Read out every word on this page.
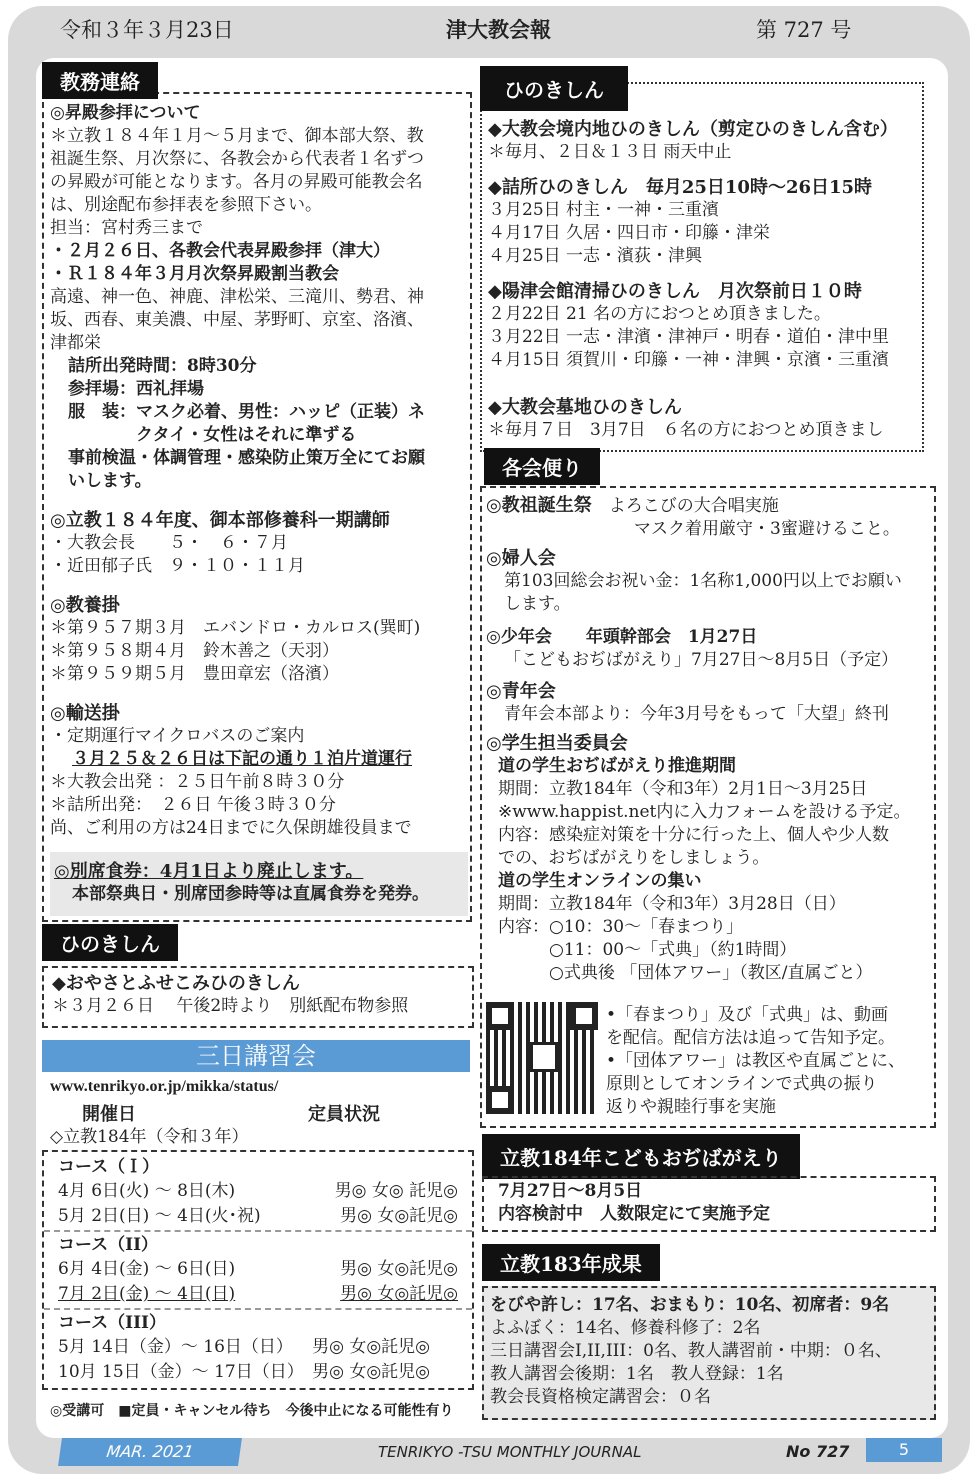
令和３年３月23日	津大教会報	第 727 号
教務連絡

◎昇殿参拝について

＊立教１８４年１月～５月まで、御本部大祭、教

祖誕生祭、月次祭に、各教会から代表者１名ずつ

の昇殿が可能となります。各月の昇殿可能教会名

は、別途配布参拝表を参照下さい。

担当：宮村秀三まで

・２月２６日、各教会代表昇殿参拝（津大）

・Ｒ１８４年３月月次祭昇殿割当教会

高遠、神一色、神鹿、津松栄、三滝川、勢君、神

坂、西春、東美濃、中屋、茅野町、京室、洛濱、

津都栄

詰所出発時間：8時30分

参拝場：西礼拝場

服　装：マスク必着、男性：ハッピ（正装）ネ

　　　　クタイ・女性はそれに準ずる

事前検温・体調管理・感染防止策万全にてお願

いします。

◎立教１８４年度、御本部修養科一期講師

・大教会長　　５・　６・７月

・近田郁子氏　９・１０・１１月

◎教養掛

＊第９５７期３月　エバンドロ・カルロス(巽町)

＊第９５８期４月　鈴木善之（天羽）

＊第９５９期５月　豊田章宏（洛濱）

◎輸送掛

・定期運行マイクロバスのご案内

３月２５＆２６日は下記の通り１泊片道運行

＊大教会出発 ：２５日午前８時３０分

＊詰所出発：　２６日 午後３時３０分

尚、ご利用の方は24日までに久保朗雄役員まで

◎別席食券：4月1日より廃止します。

本部祭典日・別席団参時等は直属食券を発券。

ひのきしん

◆おやさとふせこみひのきしん

＊３月２６日　 午後2時より　別紙配布物参照

三日講習会

www.tenrikyo.or.jp/mikka/status/

開催日	定員状況

◇立教184年（令和３年）

コース（Ｉ）

4月 6日(火) ～ 8日(木)	男◎ 女◎ 託児◎
5月 2日(日) ～ 4日(火･祝)	男◎ 女◎託児◎

コース（II）

6月 4日(金) ～ 6日(日)	男◎ 女◎託児◎
7月 2日(金) ～ 4日(日)	男◎ 女◎託児◎

コース（III）

5月 14日（金）～ 16日（日） 男◎ 女◎託児◎
10月 15日（金）～ 17日（日） 男◎ 女◎託児◎
◎受講可　■定員・キャンセル待ち　今後中止になる可能性有り
ひのきしん

◆大教会境内地ひのきしん（剪定ひのきしん含む）

＊毎月、２日＆１３日 雨天中止

◆詰所ひのきしん　毎月25日10時～26日15時

３月25日 村主・一神・三重濱

４月17日 久居・四日市・印籐・津栄

４月25日 一志・濱荻・津興

◆陽津会館清掃ひのきしん　月次祭前日１０時

２月22日 21 名の方におつとめ頂きました。

３月22日 一志・津濱・津神戸・明春・道伯・津中里

４月15日 須賀川・印籐・一神・津興・京濱・三重濱

◆大教会墓地ひのきしん

＊毎月７日　3月7日　６名の方におつとめ頂きまし

各会便り

◎教祖誕生祭　 よろこびの大合唱実施

マスク着用厳守・3蜜避けること。

◎婦人会

第103回総会お祝い金：1名称1,000円以上でお願い

します。

◎少年会　　年頭幹部会　1月27日

「こどもおぢばがえり」7月27日～8月5日（予定）

◎青年会

青年会本部より：今年3月号をもって「大望」終刊

◎学生担当委員会

道の学生おぢばがえり推進期間

期間：立教184年（令和3年）2月1日～3月25日

※www.happist.net内に入力フォームを設ける予定。

内容：感染症対策を十分に行った上、個人や少人数

での、おぢばがえりをしましょう。

道の学生オンラインの集い

期間：立教184年（令和3年）3月28日（日）

内容：○10：30～「春まつり」

　　　○11：00～「式典」（約1時間）

　　　○式典後 「団体アワー」（教区/直属ごと）

•「春まつり」及び「式典」は、動画

を配信。配信方法は追って告知予定。

•「団体アワー」は教区や直属ごとに、

原則としてオンラインで式典の振り

返りや親睦行事を実施

立教184年こどもおぢばがえり

7月27日～8月5日

内容検討中　人数限定にて実施予定

立教183年成果

をびや許し：17名、おまもり：10名、初席者：9名

よふぼく：14名、修養科修了：2名

三日講習会I,II,III：0名、教人講習前・中期：０名、

教人講習会後期：1名　教人登録：1名

教会長資格検定講習会：０名

MAR. 2021	TENRIKYO -TSU MONTHLY JOURNAL	No 727	5
